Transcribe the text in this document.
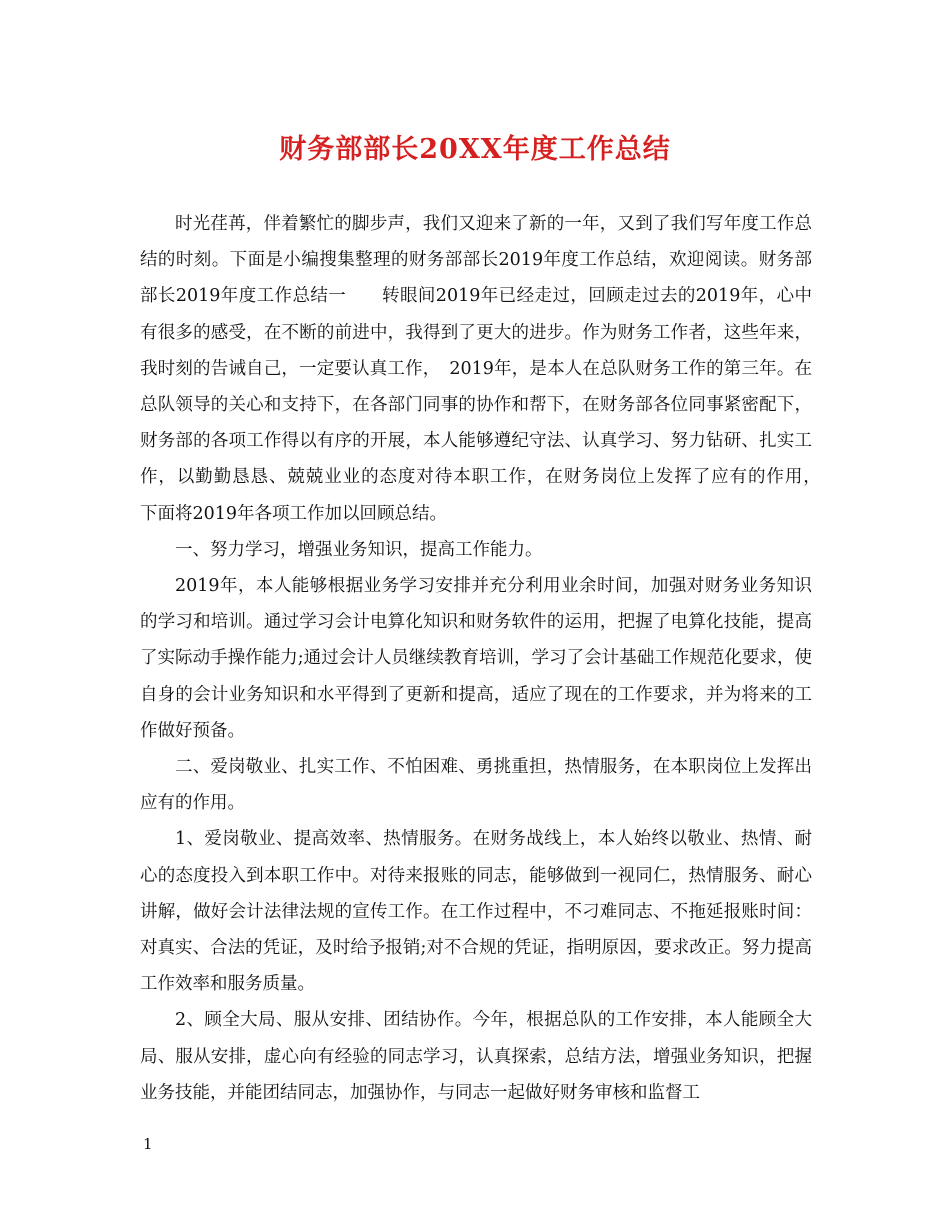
财务部部长20XX年度工作总结

时光荏苒，伴着繁忙的脚步声，我们又迎来了新的一年，又到了我们写年度工作总结的时刻。下面是小编搜集整理的财务部部长2019年度工作总结，欢迎阅读。财务部部长2019年度工作总结一　　转眼间2019年已经走过，回顾走过去的2019年，心中有很多的感受，在不断的前进中，我得到了更大的进步。作为财务工作者，这些年来，我时刻的告诫自己，一定要认真工作，　2019年，是本人在总队财务工作的第三年。在总队领导的关心和支持下，在各部门同事的协作和帮下，在财务部各位同事紧密配下，财务部的各项工作得以有序的开展，本人能够遵纪守法、认真学习、努力钻研、扎实工作，以勤勤恳恳、兢兢业业的态度对待本职工作，在财务岗位上发挥了应有的作用，　下面将2019年各项工作加以回顾总结。

一、努力学习，增强业务知识，提高工作能力。

2019年，本人能够根据业务学习安排并充分利用业余时间，加强对财务业务知识的学习和培训。通过学习会计电算化知识和财务软件的运用，把握了电算化技能，提高了实际动手操作能力;通过会计人员继续教育培训，学习了会计基础工作规范化要求，使自身的会计业务知识和水平得到了更新和提高，适应了现在的工作要求，并为将来的工作做好预备。

二、爱岗敬业、扎实工作、不怕困难、勇挑重担，热情服务，在本职岗位上发挥出应有的作用。

1、爱岗敬业、提高效率、热情服务。在财务战线上，本人始终以敬业、热情、耐心的态度投入到本职工作中。对待来报账的同志，能够做到一视同仁，热情服务、耐心讲解，做好会计法律法规的宣传工作。在工作过程中，不刁难同志、不拖延报账时间：对真实、合法的凭证，及时给予报销;对不合规的凭证，指明原因，要求改正。努力提高工作效率和服务质量。

2、顾全大局、服从安排、团结协作。今年，根据总队的工作安排，本人能顾全大局、服从安排，虚心向有经验的同志学习，认真探索，总结方法，增强业务知识，把握业务技能，并能团结同志，加强协作，与同志一起做好财务审核和监督工

1
